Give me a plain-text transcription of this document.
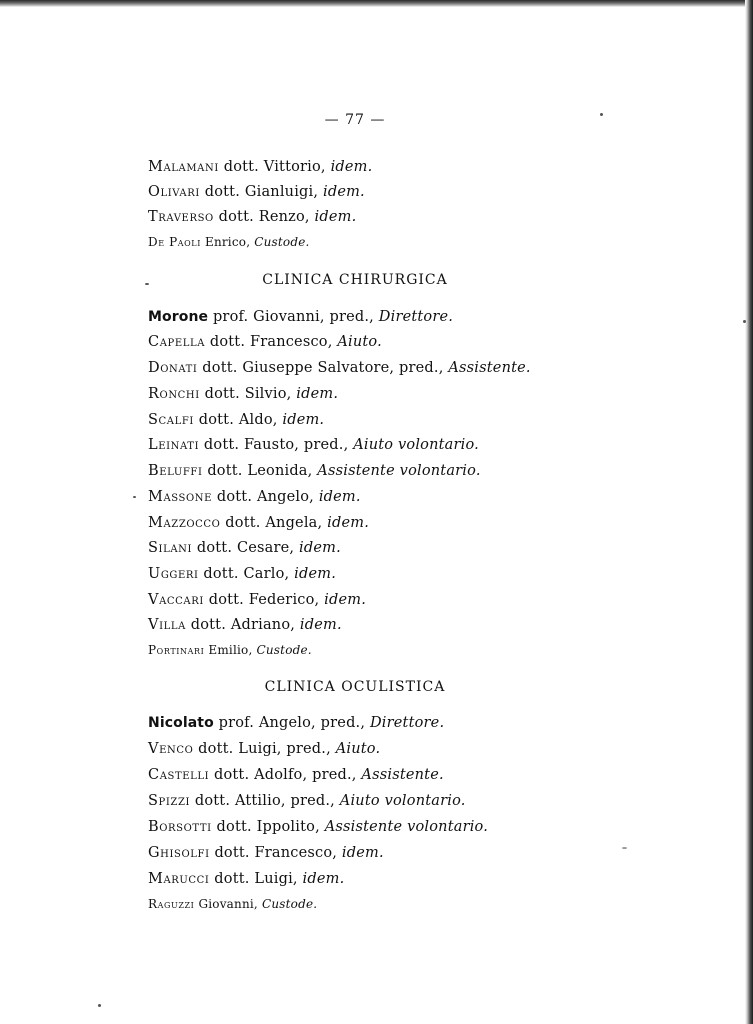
— 77 —
Malamani dott. Vittorio, idem.
Olivari dott. Gianluigi, idem.
Traverso dott. Renzo, idem.
De Paoli Enrico, Custode.
CLINICA CHIRURGICA
Morone prof. Giovanni, pred., Direttore.
Capella dott. Francesco, Aiuto.
Donati dott. Giuseppe Salvatore, pred., Assistente.
Ronchi dott. Silvio, idem.
Scalfi dott. Aldo, idem.
Leinati dott. Fausto, pred., Aiuto volontario.
Beluffi dott. Leonida, Assistente volontario.
Massone dott. Angelo, idem.
Mazzocco dott. Angela, idem.
Silani dott. Cesare, idem.
Uggeri dott. Carlo, idem.
Vaccari dott. Federico, idem.
Villa dott. Adriano, idem.
Portinari Emilio, Custode.
CLINICA OCULISTICA
Nicolato prof. Angelo, pred., Direttore.
Venco dott. Luigi, pred., Aiuto.
Castelli dott. Adolfo, pred., Assistente.
Spizzi dott. Attilio, pred., Aiuto volontario.
Borsotti dott. Ippolito, Assistente volontario.
Ghisolfi dott. Francesco, idem.
Marucci dott. Luigi, idem.
Raguzzi Giovanni, Custode.
